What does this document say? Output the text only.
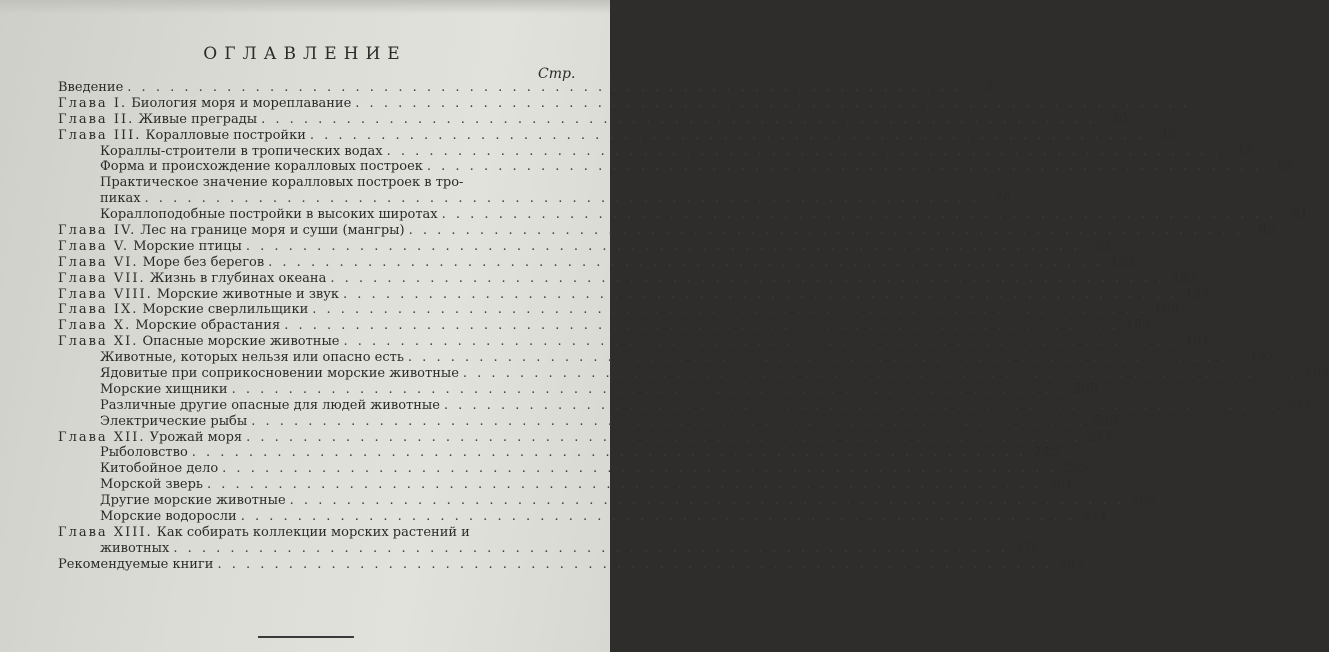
ОГЛАВЛЕНИЕ
Стр.
Введение . . . . . . . . . . . . . . . . . . . . . . . . . . . . . . . . . . . . . . . . . . . . . . . . . . . . . . . . . . .	3
Глава I. Биология моря и мореплавание . . . . . . . . . . . . . . . . . . . . . . . . . . . . . . . . . . . . . . . . . . . . . . . . . . . . . . . . . . .	5
Глава II. Живые преграды . . . . . . . . . . . . . . . . . . . . . . . . . . . . . . . . . . . . . . . . . . . . . . . . . . . . . . . . . . .	30
Глава III. Коралловые постройки . . . . . . . . . . . . . . . . . . . . . . . . . . . . . . . . . . . . . . . . . . . . . . . . . . . . . . . . . . .	42
Кораллы-строители в тропических водах . . . . . . . . . . . . . . . . . . . . . . . . . . . . . . . . . . . . . . . . . . . . . . . . . . . . . . . . . . .	43
Форма и происхождение коралловых построек . . . . . . . . . . . . . . . . . . . . . . . . . . . . . . . . . . . . . . . . . . . . . . . . . . . . . . . . . . .	62
Практическое значение коралловых построек в тро-
пиках . . . . . . . . . . . . . . . . . . . . . . . . . . . . . . . . . . . . . . . . . . . . . . . . . . . . . . . . . . .	70
Кораллоподобные постройки в высоких широтах . . . . . . . . . . . . . . . . . . . . . . . . . . . . . . . . . . . . . . . . . . . . . . . . . . . . . . . . . . .	81
Глава IV. Лес на границе моря и суши (мангры) . . . . . . . . . . . . . . . . . . . . . . . . . . . . . . . . . . . . . . . . . . . . . . . . . . . . . . . . . . .	85
Глава V. Морские птицы . . . . . . . . . . . . . . . . . . . . . . . . . . . . . . . . . . . . . . . . . . . . . . . . . . . . . . . . . . .	92
Глава VI. Море без берегов . . . . . . . . . . . . . . . . . . . . . . . . . . . . . . . . . . . . . . . . . . . . . . . . . . . . . . . . . . . 122
Глава VII. Жизнь в глубинах океана . . . . . . . . . . . . . . . . . . . . . . . . . . . . . . . . . . . . . . . . . . . . . . . . . . . . . . . . . . . 133
Глава VIII. Морские животные и звук . . . . . . . . . . . . . . . . . . . . . . . . . . . . . . . . . . . . . . . . . . . . . . . . . . . . . . . . . . . 154
Глава IX. Морские сверлильщики . . . . . . . . . . . . . . . . . . . . . . . . . . . . . . . . . . . . . . . . . . . . . . . . . . . . . . . . . . . 169
Глава X. Морские обрастания . . . . . . . . . . . . . . . . . . . . . . . . . . . . . . . . . . . . . . . . . . . . . . . . . . . . . . . . . . . 182
Глава XI. Опасные морские животные . . . . . . . . . . . . . . . . . . . . . . . . . . . . . . . . . . . . . . . . . . . . . . . . . . . . . . . . . . . 191
Животные, которых нельзя или опасно есть . . . . . . . . . . . . . . . . . . . . . . . . . . . . . . . . . . . . . . . . . . . . . . . . . . . . . . . . . . . 192
Ядовитые при соприкосновении морские животные . . . . . . . . . . . . . . . . . . . . . . . . . . . . . . . . . . . . . . . . . . . . . . . . . . . . . . . . . . . 195
Морские хищники . . . . . . . . . . . . . . . . . . . . . . . . . . . . . . . . . . . . . . . . . . . . . . . . . . . . . . . . . . . 209
Различные другие опасные для людей животные . . . . . . . . . . . . . . . . . . . . . . . . . . . . . . . . . . . . . . . . . . . . . . . . . . . . . . . . . . . 232
Электрические рыбы . . . . . . . . . . . . . . . . . . . . . . . . . . . . . . . . . . . . . . . . . . . . . . . . . . . . . . . . . . . 239
Глава XII. Урожай моря . . . . . . . . . . . . . . . . . . . . . . . . . . . . . . . . . . . . . . . . . . . . . . . . . . . . . . . . . . . 244
Рыболовство . . . . . . . . . . . . . . . . . . . . . . . . . . . . . . . . . . . . . . . . . . . . . . . . . . . . . . . . . . . 245
Китобойное дело . . . . . . . . . . . . . . . . . . . . . . . . . . . . . . . . . . . . . . . . . . . . . . . . . . . . . . . . . . . 255
Морской зверь . . . . . . . . . . . . . . . . . . . . . . . . . . . . . . . . . . . . . . . . . . . . . . . . . . . . . . . . . . . 261
Другие морские животные . . . . . . . . . . . . . . . . . . . . . . . . . . . . . . . . . . . . . . . . . . . . . . . . . . . . . . . . . . . 265
Морские водоросли . . . . . . . . . . . . . . . . . . . . . . . . . . . . . . . . . . . . . . . . . . . . . . . . . . . . . . . . . . . 274
Глава XIII. Как собирать коллекции морских растений и
животных . . . . . . . . . . . . . . . . . . . . . . . . . . . . . . . . . . . . . . . . . . . . . . . . . . . . . . . . . . . 276
Рекомендуемые книги . . . . . . . . . . . . . . . . . . . . . . . . . . . . . . . . . . . . . . . . . . . . . . . . . . . . . . . . . . . 287
